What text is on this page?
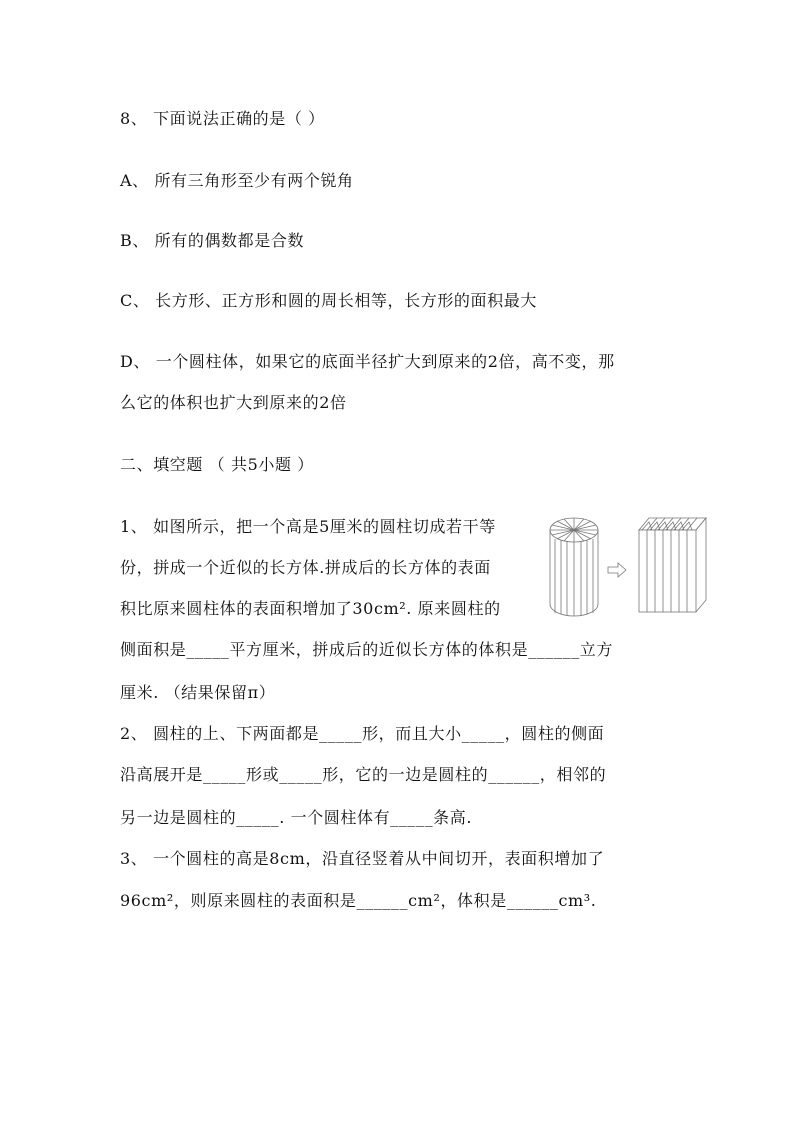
8、 下面说法正确的是（ ）
A、 所有三角形至少有两个锐角
B、 所有的偶数都是合数
C、 长方形、正方形和圆的周长相等，长方形的面积最大
D、 一个圆柱体，如果它的底面半径扩大到原来的2倍，高不变，那
么它的体积也扩大到原来的2倍
二、填空题 （ 共5小题 ）
1、 如图所示，把一个高是5厘米的圆柱切成若干等
份，拼成一个近似的长方体.拼成后的长方体的表面
积比原来圆柱体的表面积增加了30cm². 原来圆柱的
侧面积是_____平方厘米，拼成后的近似长方体的体积是______立方
厘米. （结果保留π）
2、 圆柱的上、下两面都是_____形，而且大小_____，圆柱的侧面
沿高展开是_____形或_____形，它的一边是圆柱的______，相邻的
另一边是圆柱的_____. 一个圆柱体有_____条高.
3、 一个圆柱的高是8cm，沿直径竖着从中间切开，表面积增加了
96cm²，则原来圆柱的表面积是______cm²，体积是______cm³.
